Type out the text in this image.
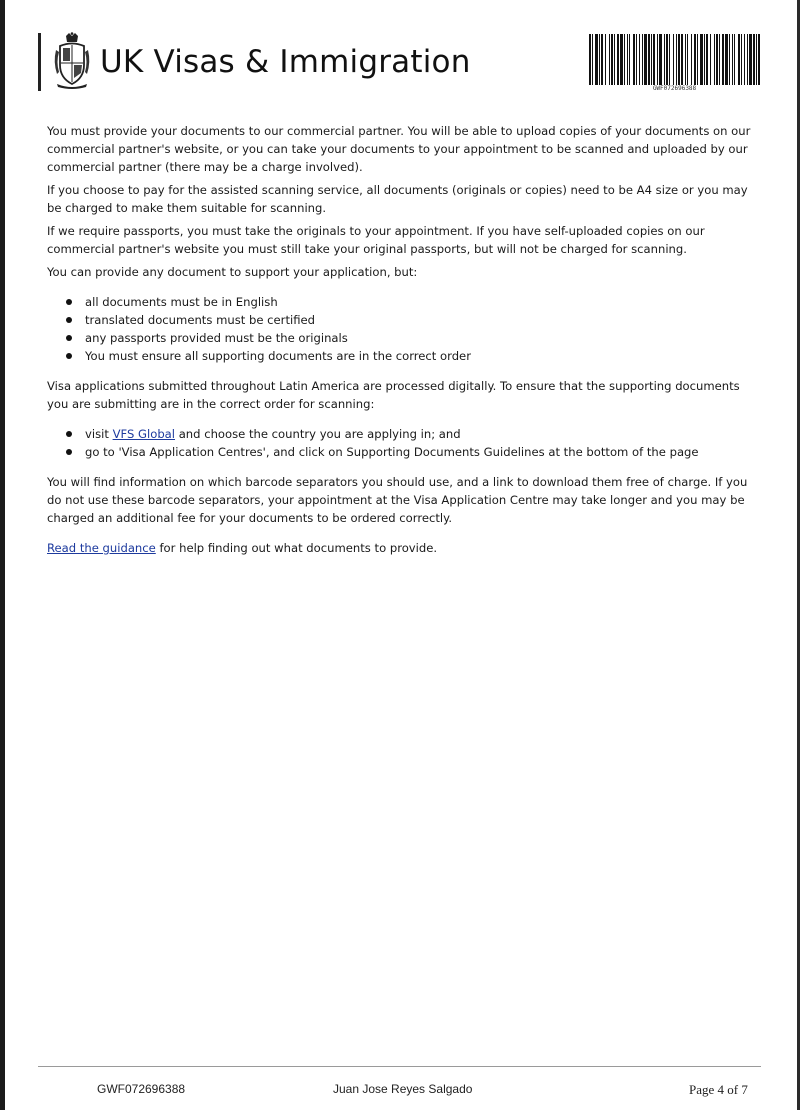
UK Visas & Immigration
GWF072696388

You must provide your documents to our commercial partner. You will be able to upload copies of your documents on our commercial partner's website, or you can take your documents to your appointment to be scanned and uploaded by our commercial partner (there may be a charge involved).

If you choose to pay for the assisted scanning service, all documents (originals or copies) need to be A4 size or you may be charged to make them suitable for scanning.

If we require passports, you must take the originals to your appointment. If you have self-uploaded copies on our commercial partner's website you must still take your original passports, but will not be charged for scanning.

You can provide any document to support your application, but:

all documents must be in English
translated documents must be certified
any passports provided must be the originals
You must ensure all supporting documents are in the correct order

Visa applications submitted throughout Latin America are processed digitally. To ensure that the supporting documents you are submitting are in the correct order for scanning:

visit VFS Global and choose the country you are applying in; and
go to 'Visa Application Centres', and click on Supporting Documents Guidelines at the bottom of the page

You will find information on which barcode separators you should use, and a link to download them free of charge. If you do not use these barcode separators, your appointment at the Visa Application Centre may take longer and you may be charged an additional fee for your documents to be ordered correctly.

Read the guidance for help finding out what documents to provide.

GWF072696388	Juan Jose Reyes Salgado	Page 4 of 7
